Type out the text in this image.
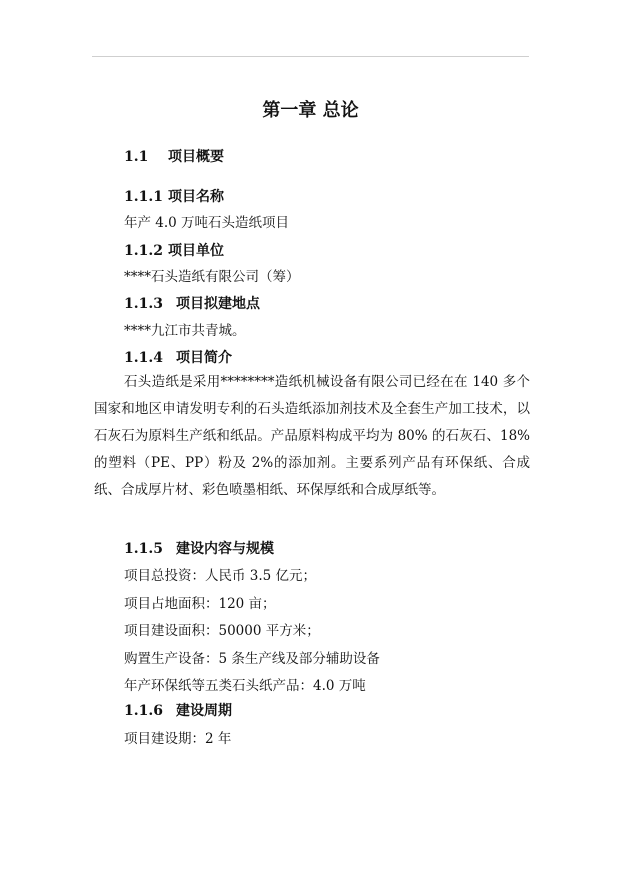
第一章 总论
1.1 项目概要
1.1.1 项目名称
年产 4.0 万吨石头造纸项目
1.1.2 项目单位
****石头造纸有限公司（筹）
1.1.3 项目拟建地点
****九江市共青城。
1.1.4 项目简介
石头造纸是采用********造纸机械设备有限公司已经在在 140 多个国家和地区申请发明专利的石头造纸添加剂技术及全套生产加工技术，以石灰石为原料生产纸和纸品。产品原料构成平均为 80% 的石灰石、18%的塑料（PE、PP）粉及 2%的添加剂。主要系列产品有环保纸、合成纸、合成厚片材、彩色喷墨相纸、环保厚纸和合成厚纸等。
1.1.5 建设内容与规模
项目总投资：人民币 3.5 亿元；
项目占地面积：120 亩；
项目建设面积：50000 平方米；
购置生产设备：5 条生产线及部分辅助设备
年产环保纸等五类石头纸产品：4.0 万吨
1.1.6 建设周期
项目建设期：2 年
